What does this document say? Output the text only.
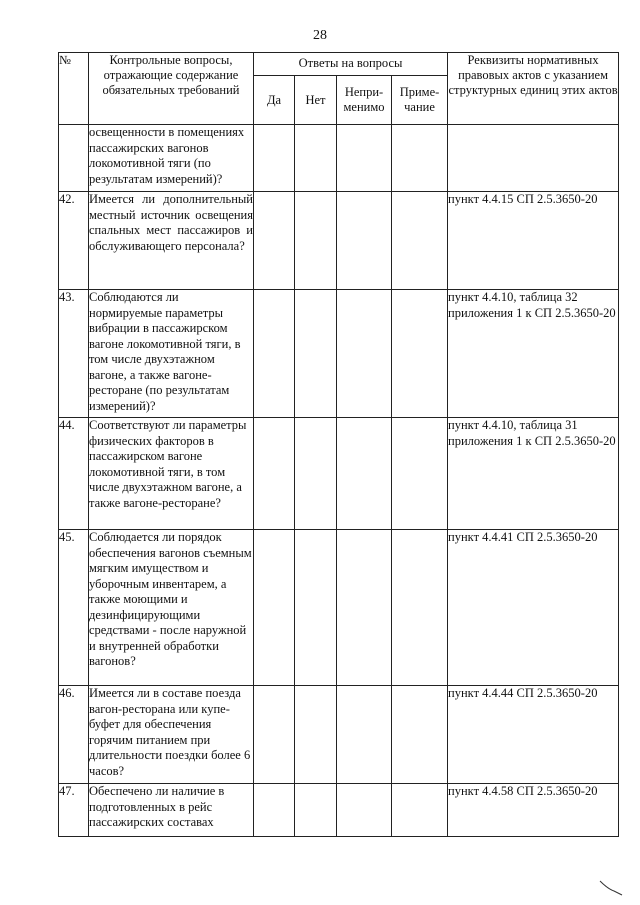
28
№	Контрольные вопросы, отражающие содержание обязательных требований	Ответы на вопросы				Реквизиты нормативных правовых актов с указанием структурных единиц этих актов
		Да	Нет	Непри-менимо	Приме-чание	
	освещенности в помещениях пассажирских вагонов локомотивной тяги (по результатам измерений)?					
42.	Имеется ли дополнительный местный источник освещения спальных мест пассажиров и обслуживающего персонала?					пункт 4.4.15 СП 2.5.3650-20
43.	Соблюдаются ли нормируемые параметры вибрации в пассажирском вагоне локомотивной тяги, в том числе двухэтажном вагоне, а также вагоне-ресторане (по результатам измерений)?					пункт 4.4.10, таблица 32 приложения 1 к СП 2.5.3650-20
44.	Соответствуют ли параметры физических факторов в пассажирском вагоне локомотивной тяги, в том числе двухэтажном вагоне, а также вагоне-ресторане?					пункт 4.4.10, таблица 31 приложения 1 к СП 2.5.3650-20
45.	Соблюдается ли порядок обеспечения вагонов съемным мягким имуществом и уборочным инвентарем, а также моющими и дезинфицирующими средствами - после наружной и внутренней обработки вагонов?					пункт 4.4.41 СП 2.5.3650-20
46.	Имеется ли в составе поезда вагон-ресторана или купе-буфет для обеспечения горячим питанием при длительности поездки более 6 часов?					пункт 4.4.44 СП 2.5.3650-20
47.	Обеспечено ли наличие в подготовленных в рейс пассажирских составах					пункт 4.4.58 СП 2.5.3650-20
